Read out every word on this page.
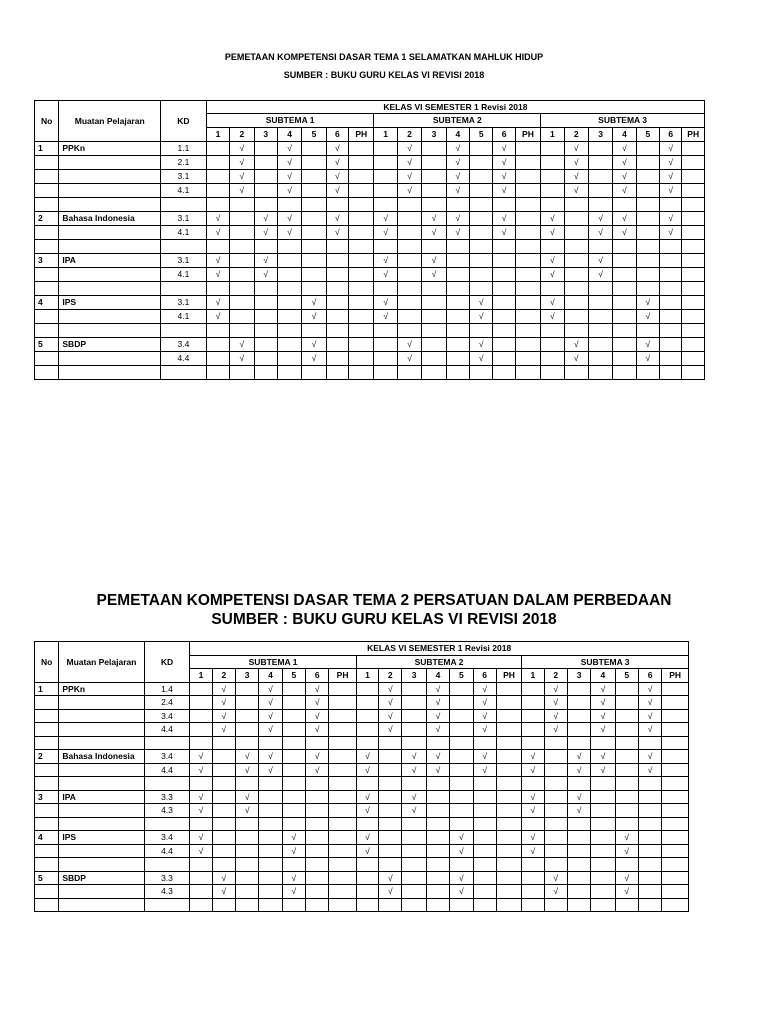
PEMETAAN KOMPETENSI DASAR TEMA 1 SELAMATKAN MAHLUK HIDUP
SUMBER : BUKU GURU KELAS VI REVISI 2018
No	Muatan Pelajaran	KD	KELAS VI SEMESTER 1 Revisi 2018																				
			SUBTEMA 1							SUBTEMA 2							SUBTEMA 3						
			1	2	3	4	5	6	PH	1	2	3	4	5	6	PH	1	2	3	4	5	6	PH
1	PPKn	1.1		√		√		√			√		√		√			√		√		√	
		2.1		√		√		√			√		√		√			√		√		√	
		3.1		√		√		√			√		√		√			√		√		√	
		4.1		√		√		√			√		√		√			√		√		√	

2	Bahasa Indonesia	3.1	√		√	√		√		√		√	√		√		√		√	√		√	
		4.1	√		√	√		√		√		√	√		√		√		√	√		√	

3	IPA	3.1	√		√					√		√					√		√				
		4.1	√		√					√		√					√		√				

4	IPS	3.1	√				√			√				√			√				√		
		4.1	√				√			√				√			√				√		

5	SBDP	3.4		√			√				√			√				√			√		
		4.4		√			√				√			√				√			√		

PEMETAAN KOMPETENSI DASAR TEMA 2 PERSATUAN DALAM PERBEDAAN
SUMBER : BUKU GURU KELAS VI REVISI 2018
No	Muatan Pelajaran	KD	KELAS VI SEMESTER 1 Revisi 2018																				
			SUBTEMA 1							SUBTEMA 2							SUBTEMA 3						
			1	2	3	4	5	6	PH	1	2	3	4	5	6	PH	1	2	3	4	5	6	PH
1	PPKn	1.4		√		√		√			√		√		√			√		√		√	
		2.4		√		√		√			√		√		√			√		√		√	
		3.4		√		√		√			√		√		√			√		√		√	
		4.4		√		√		√			√		√		√			√		√		√	

2	Bahasa Indonesia	3.4	√		√	√		√		√		√	√		√		√		√	√		√	
		4.4	√		√	√		√		√		√	√		√		√		√	√		√	

3	IPA	3.3	√		√					√		√					√		√				
		4.3	√		√					√		√					√		√				

4	IPS	3.4	√				√			√				√			√				√		
		4.4	√				√			√				√			√				√		

5	SBDP	3.3		√			√				√			√				√			√		
		4.3		√			√				√			√				√			√		
